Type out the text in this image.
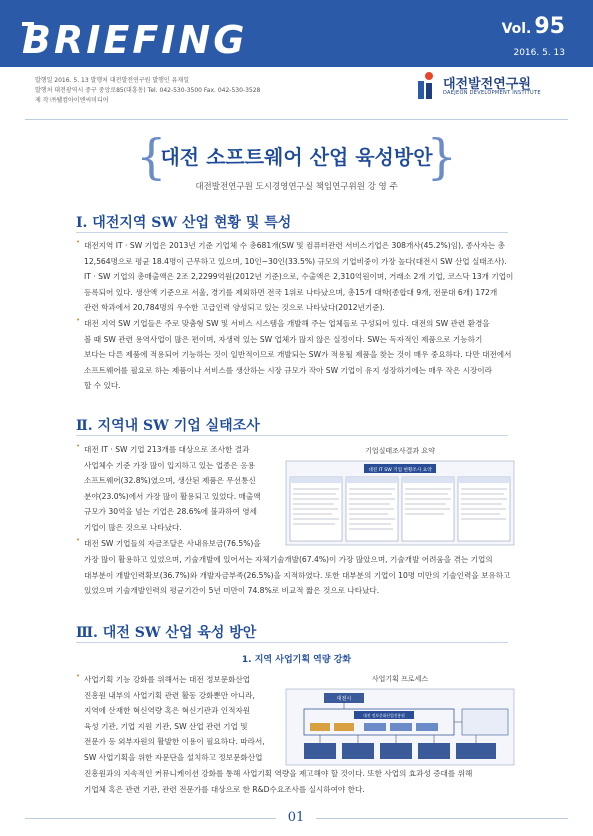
BRIEFING	Vol. 95
2016. 5. 13
발행일 2016. 5. 13 발행처 대전발전연구원 발행인 유재일
발행처 대전광역시 중구 중앙로85(대흥동) Tel. 042-530-3500 Fax. 042-530-3528
제 작 ㈜웰컴아이엔씨미디어
대전발전연구원
DAEJEON DEVELOPMENT INSTITUTE
{
대전 소프트웨어 산업 육성방안
}
대전발전연구원 도시경영연구실 책임연구위원 강 영 주
Ⅰ. 대전지역 SW 산업 현황 및 특성
• 대전지역 IT · SW 기업은 2013년 기준 기업체 수 총681개(SW 및 컴퓨터관련 서비스기업은 308개사(45.2%)임), 종사자는 총
12,564명으로 평균 18.4명이 근무하고 있으며, 10인~30인(33.5%) 규모의 기업비중이 가장 높다(대전시 SW 산업 실태조사).
IT · SW 기업의 총매출액은 2조 2,2299억원(2012년 기준)으로, 수출액은 2,310억원이며, 거래소 2개 기업, 코스닥 13개 기업이
등록되어 있다. 생산액 기준으로 서울, 경기를 제외하면 전국 1위로 나타났으며, 총15개 대학(종합대 9개, 전문대 6개) 172개
관련 학과에서 20,784명의 우수한 고급인력 양성되고 있는 것으로 나타났다(2012년기준).
• 대전 지역 SW 기업들은 주로 맞춤형 SW 및 서비스 시스템을 개발해 주는 업체들로 구성되어 있다. 대전의 SW 관련 환경을
볼 때 SW 관련 용역사업이 많은 편이며, 자생력 있는 SW 업체가 많지 않은 실정이다. SW는 독자적인 제품으로 기능하기
보다는 다른 제품에 적용되어 기능하는 것이 일반적이므로 개발되는 SW가 적용될 제품을 찾는 것이 매우 중요하다. 다만 대전에서
소프트웨어를 필요로 하는 제품이나 서비스를 생산하는 시장 규모가 작아 SW 기업이 유지 성장하기에는 매우 작은 시장이라
할 수 있다.
Ⅱ. 지역내 SW 기업 실태조사
• 대전 IT · SW 기업 213개를 대상으로 조사한 결과
사업체수 기준 가장 많이 입지하고 있는 업종은 응용
소프트웨어(32.8%)였으며, 생산된 제품은 무선통신
분야(23.0%)에서 가장 많이 활용되고 있었다. 매출액
규모가 30억을 넘는 기업은 28.6%에 불과하여 영세
기업이 많은 것으로 나타났다.
• 대전 SW 기업들의 자금조달은 사내유보금(76.5%)을
가장 많이 활용하고 있었으며, 기술개발에 있어서는 자체기술개발(67.4%)이 가장 많았으며, 기술개발 어려움을 겪는 기업의
대부분이 개발인력확보(36.7%)와 개발자금부족(26.5%)을 지적하였다. 또한 대부분의 기업이 10명 미만의 기술인력을 보유하고
있었으며 기술개발인력의 평균기간이 5년 미만이 74.8%로 비교적 짧은 것으로 나타났다.
기업실태조사결과 요약
대전 IT SW 기업 현황조사 요약
Ⅲ. 대전 SW 산업 육성 방안
1. 지역 사업기획 역량 강화
• 사업기획 기능 강화를 위해서는 대전 정보문화산업
진흥원 내부의 사업기획 관련 활동 강화뿐만 아니라,
지역에 산재한 혁신역량 혹은 혁신기관과 인적자원
육성 기관, 기업 지원 기관, SW 산업 관련 기업 및
전문가 등 외부자원의 활발한 이용이 필요하다. 따라서,
SW 사업기획을 위한 자문단을 설치하고 정보문화산업
진흥원과의 지속적인 커뮤니케이션 강화를 통해 사업기획 역량을 제고해야 할 것이다. 또한 사업의 효과성 증대를 위해
기업체 혹은 관련 기관, 관련 전문가를 대상으로 한 R&D수요조사를 실시하여야 한다.
사업기획 프로세스
대전시
대전 정보문화산업진흥원
01
